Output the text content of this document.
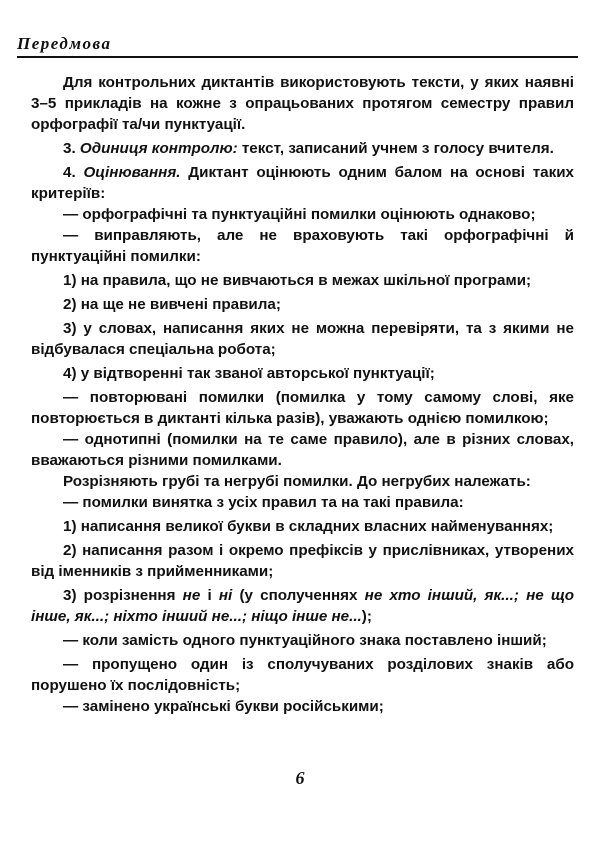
Передмова

Для контрольних диктантів використовують тексти, у яких наявні 3–5 прикладів на кожне з опрацьованих протягом семестру правил орфографії та/чи пунктуації.

3. Одиниця контролю: текст, записаний учнем з голосу вчителя.

4. Оцінювання. Диктант оцінюють одним балом на основі таких критеріїв:

— орфографічні та пунктуаційні помилки оцінюють однаково;

— виправляють, але не враховують такі орфографічні й пунктуаційні помилки:

1) на правила, що не вивчаються в межах шкільної програми;

2) на ще не вивчені правила;

3) у словах, написання яких не можна перевіряти, та з якими не відбувалася спеціальна робота;

4) у відтворенні так званої авторської пунктуації;

— повторювані помилки (помилка у тому самому слові, яке повторюється в диктанті кілька разів), уважають однією помилкою;

— однотипні (помилки на те саме правило), але в різних словах, вважаються різними помилками.

Розрізняють грубі та негрубі помилки. До негрубих належать:

— помилки винятка з усіх правил та на такі правила:

1) написання великої букви в складних власних найменуваннях;

2) написання разом і окремо префіксів у прислівниках, утворених від іменників з прийменниками;

3) розрізнення не і ні (у сполученнях не хто інший, як...; не що інше, як...; ніхто інший не...; ніщо інше не...);

— коли замість одного пунктуаційного знака поставлено інший;

— пропущено один із сполучуваних розділових знаків або порушено їх послідовність;

— замінено українські букви російськими;

6
